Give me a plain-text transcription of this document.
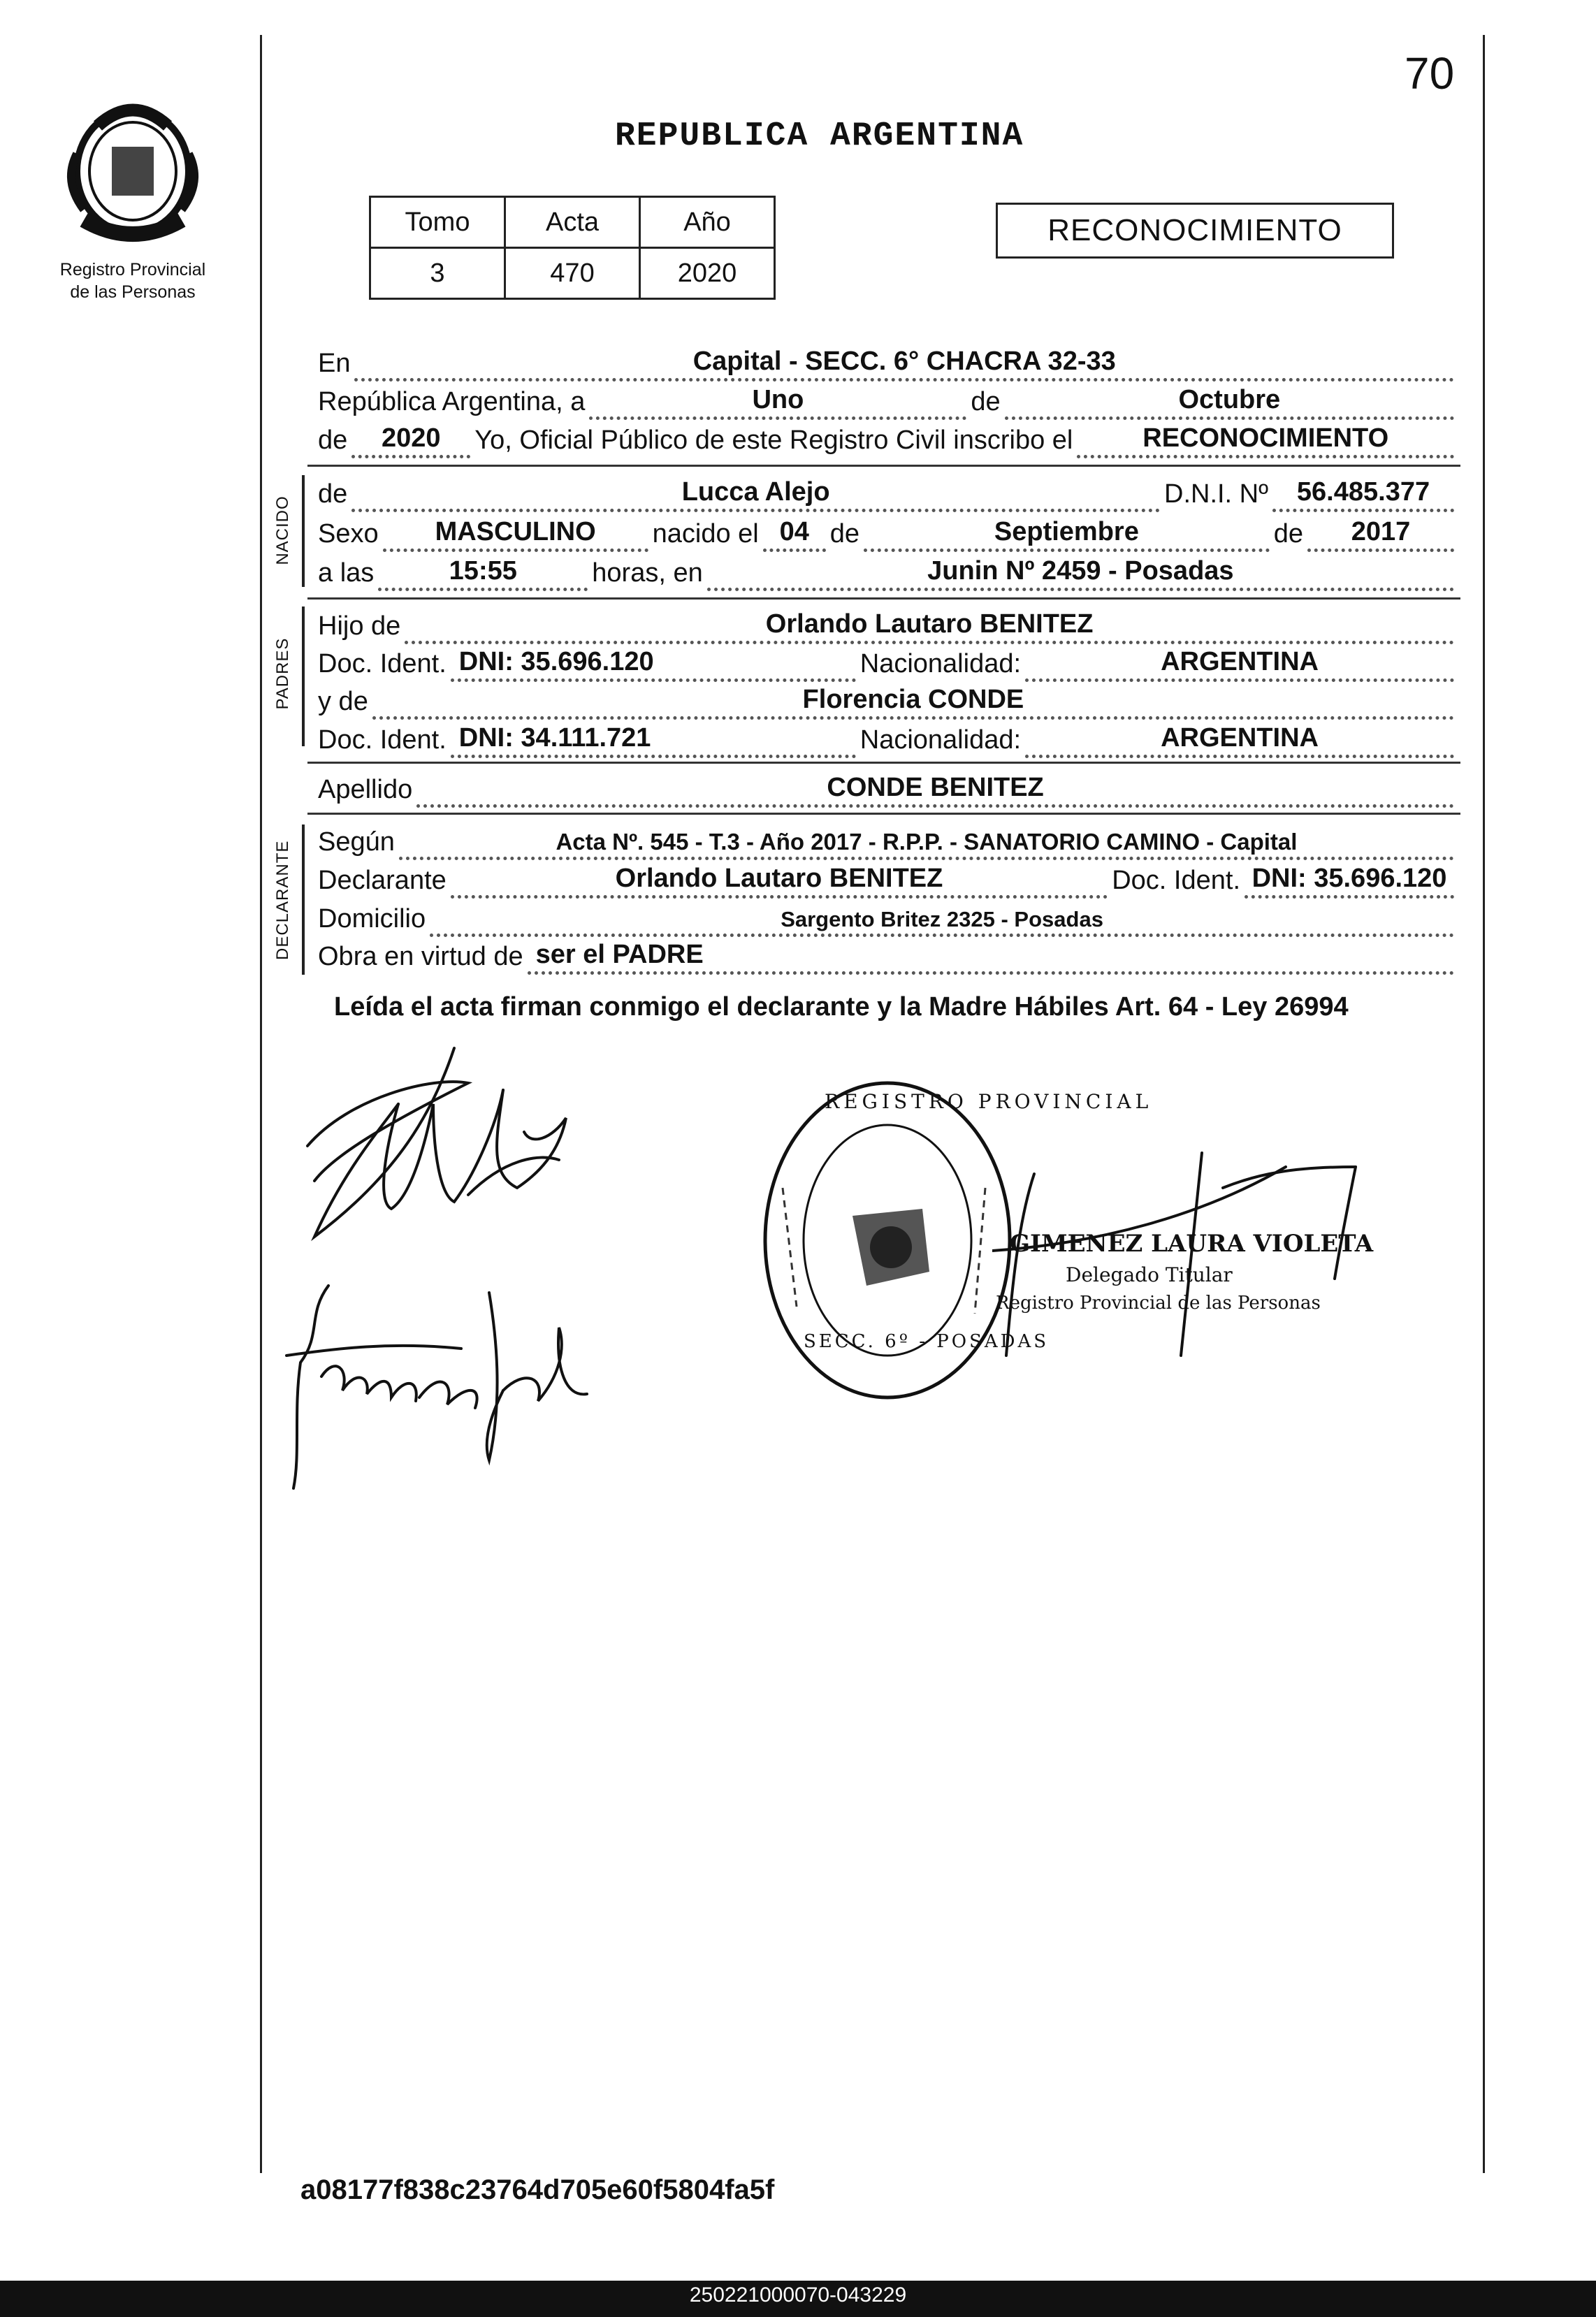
70
Registro Provincial
de las Personas
REPUBLICA ARGENTINA
Tomo	Acta	Año
3	470	2020
RECONOCIMIENTO
En	Capital - SECC. 6° CHACRA 32-33
República Argentina, a	Uno	de	Octubre
de	2020	Yo, Oficial Público de este Registro Civil inscribo el	RECONOCIMIENTO
NACIDO
de	Lucca Alejo	D.N.I. Nº	56.485.377
Sexo	MASCULINO	nacido el 04 de	Septiembre	de	2017
a las	15:55	horas, en	Junin Nº 2459 - Posadas
PADRES
Hijo de	Orlando Lautaro BENITEZ
Doc. Ident. DNI: 35.696.120	Nacionalidad:	ARGENTINA
y de	Florencia CONDE
Doc. Ident. DNI: 34.111.721	Nacionalidad:	ARGENTINA
Apellido	CONDE BENITEZ
DECLARANTE Según	Acta Nº. 545 - T.3 - Año 2017 - R.P.P. - SANATORIO CAMINO - Capital
Declarante	Orlando Lautaro BENITEZ	Doc. Ident. DNI: 35.696.120
Domicilio	Sargento Britez 2325 - Posadas
Obra en virtud de ser el PADRE
Leída el acta firman conmigo el declarante y la Madre Hábiles Art. 64 - Ley 26994
REGISTRO PROVINCIAL
SECC. 6º - POSADAS
GIMENEZ LAURA VIOLETA
Delegado Titular
Registro Provincial de las Personas
a08177f838c23764d705e60f5804fa5f
250221000070-043229
